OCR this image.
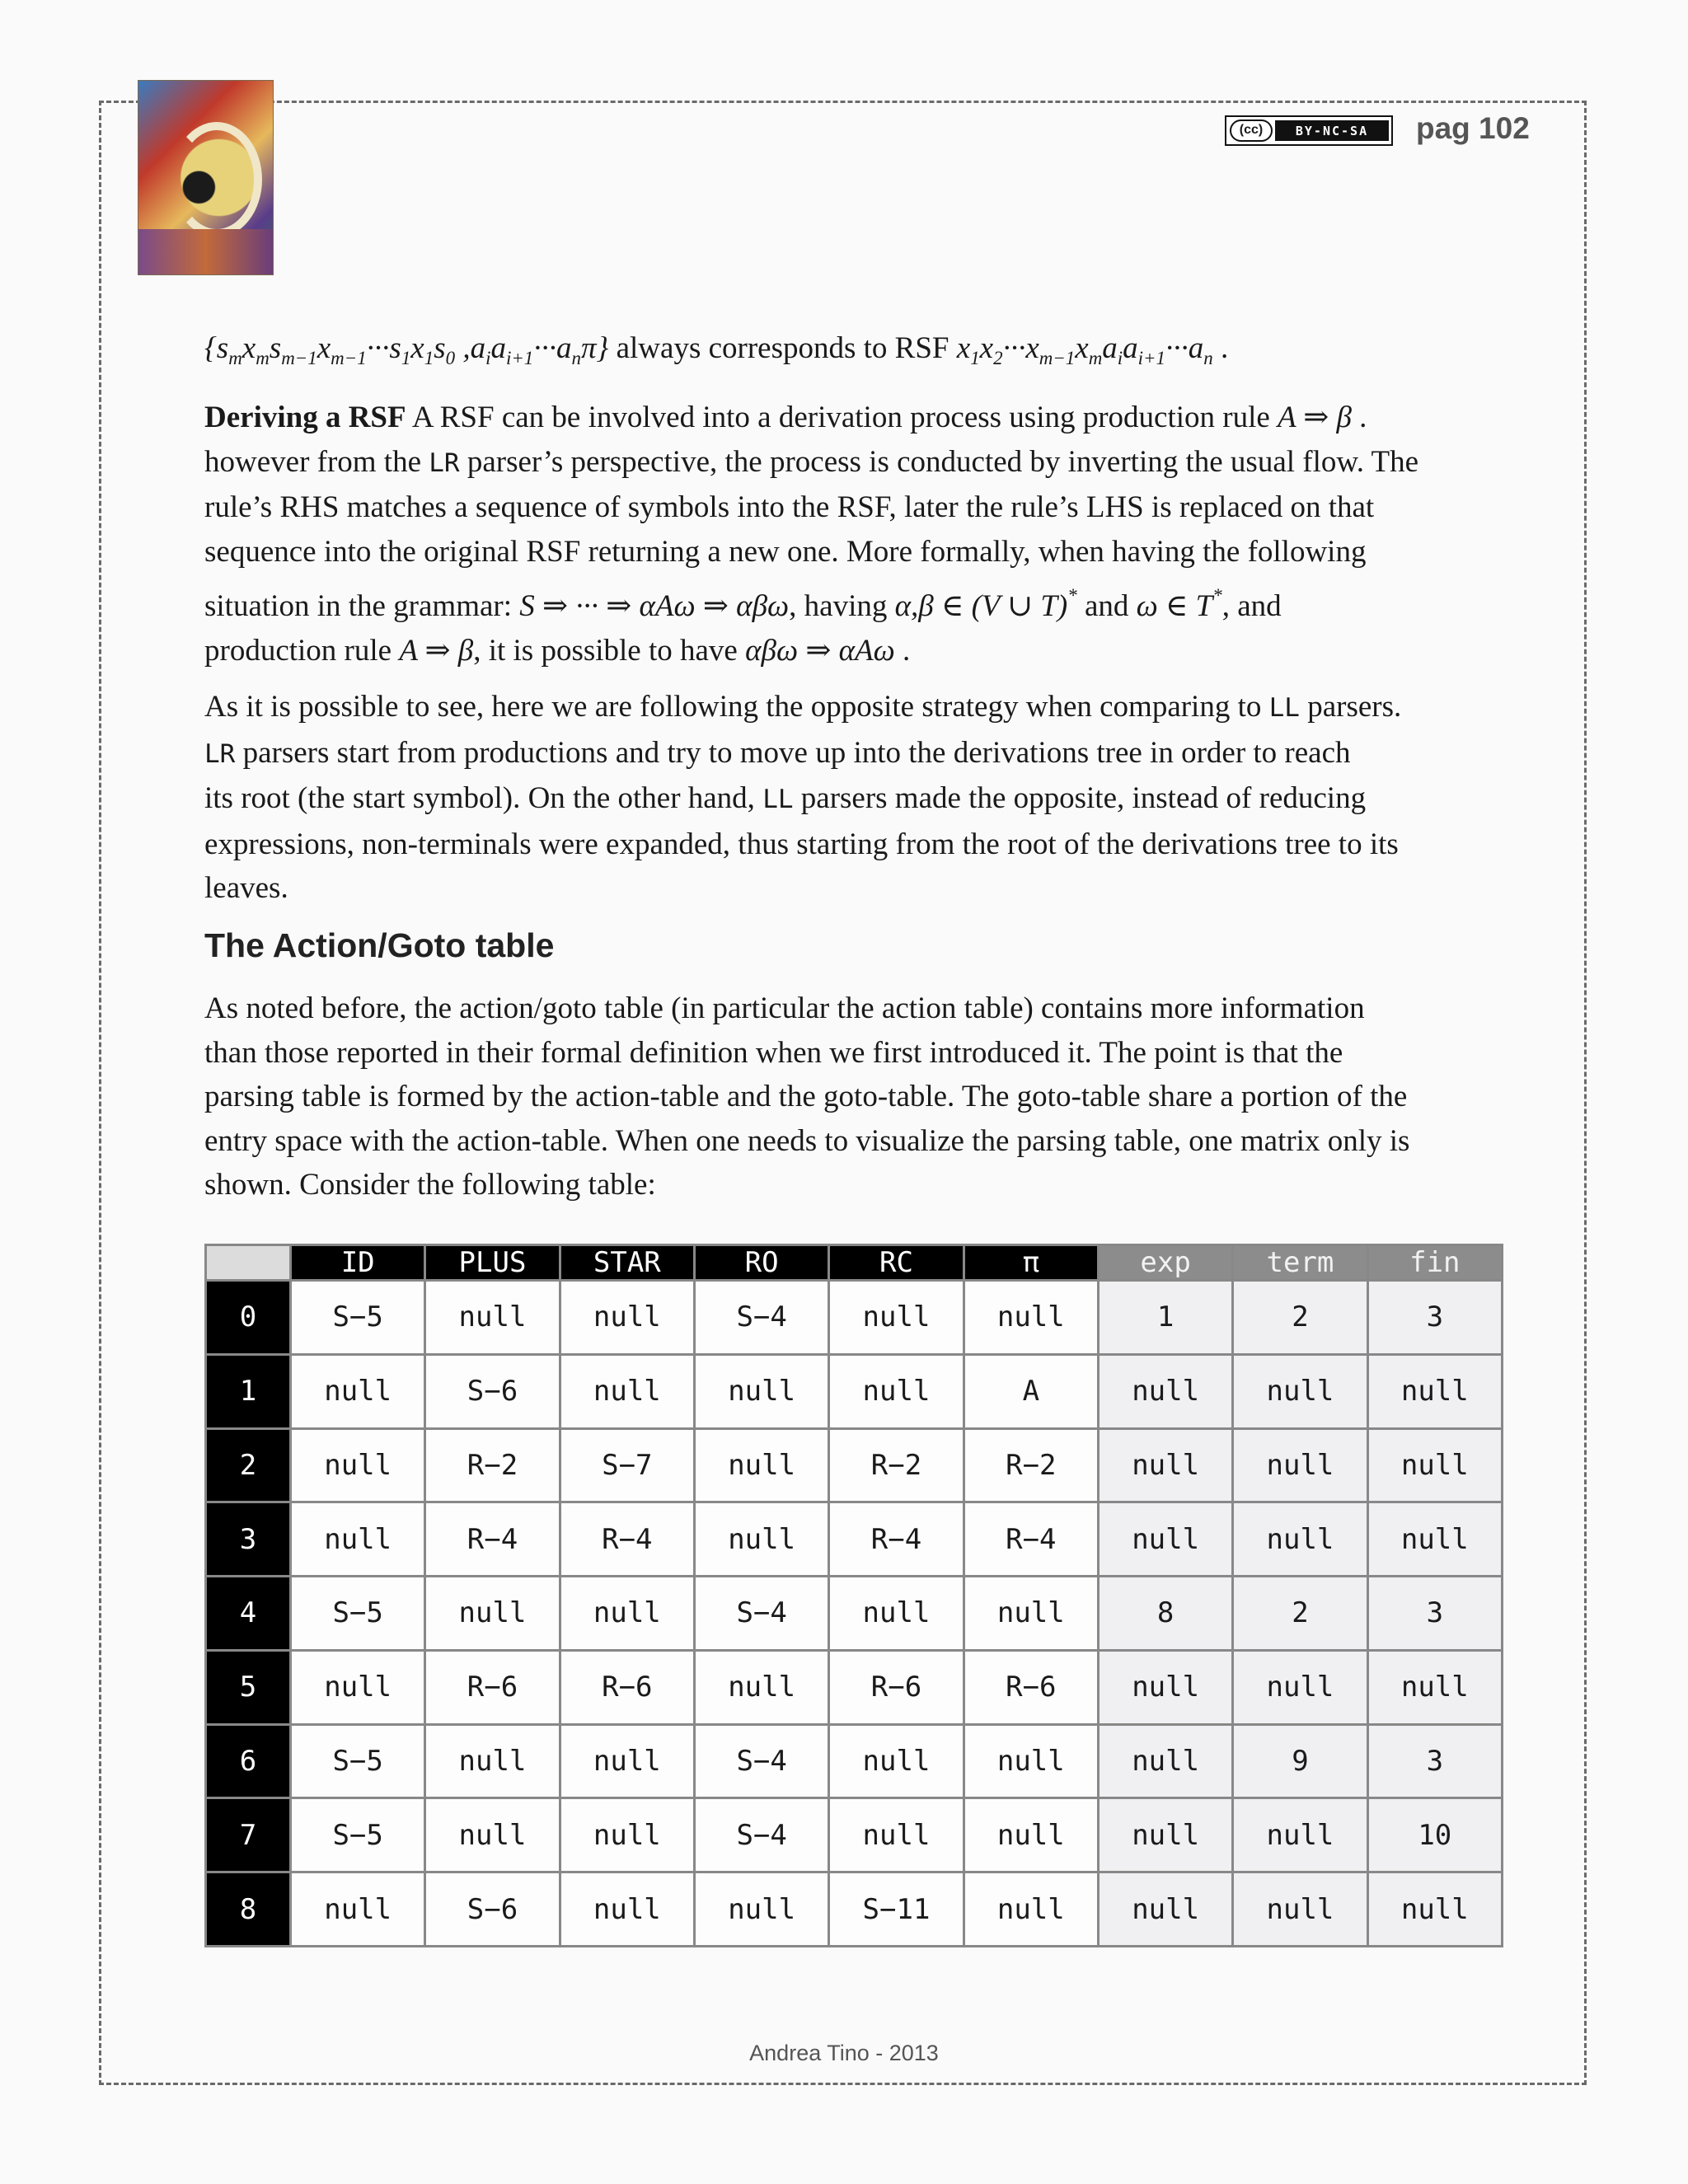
(cc)	BY-NC-SA	pag 102
{$s_mx_ms_{m-1}x_{m-1}\cdot\cdot\cdot s_1x_1s_0$ $,a_ia_{i+1}\cdot\cdot\cdot a_n\pi$} always corresponds to RSF $x_1x_2\cdot\cdot\cdot x_{m-1}x_ma_ia_{i+1}\cdot\cdot\cdot a_n$ .
Deriving a RSF A RSF can be involved into a derivation process using production rule A ⇒ β .
however from the LR parser’s perspective, the process is conducted by inverting the usual flow. The
rule’s RHS matches a sequence of symbols into the RSF, later the rule’s LHS is replaced on that
sequence into the original RSF returning a new one. More formally, when having the following
situation in the grammar: S ⇒ ··· ⇒ αAω ⇒ αβω, having α,β ∈ (V ∪ T)* and ω ∈ T*, and
production rule A ⇒ β, it is possible to have αβω ⇒ αAω .
As it is possible to see, here we are following the opposite strategy when comparing to LL parsers.
LR parsers start from productions and try to move up into the derivations tree in order to reach
its root (the start symbol). On the other hand, LL parsers made the opposite, instead of reducing
expressions, non-terminals were expanded, thus starting from the root of the derivations tree to its
leaves.
The Action/Goto table
As noted before, the action/goto table (in particular the action table) contains more information
than those reported in their formal definition when we first introduced it. The point is that the
parsing table is formed by the action-table and the goto-table. The goto-table share a portion of the
entry space with the action-table. When one needs to visualize the parsing table, one matrix only is
shown. Consider the following table:
	ID	PLUS	STAR	RO	RC	π	exp	term	fin
0	S−5	null	null	S−4	null	null	1	2	3
1	null	S−6	null	null	null	A	null	null	null
2	null	R−2	S−7	null	R−2	R−2	null	null	null
3	null	R−4	R−4	null	R−4	R−4	null	null	null
4	S−5	null	null	S−4	null	null	8	2	3
5	null	R−6	R−6	null	R−6	R−6	null	null	null
6	S−5	null	null	S−4	null	null	null	9	3
7	S−5	null	null	S−4	null	null	null	null	10
8	null	S−6	null	null	S−11	null	null	null	null
Andrea Tino - 2013
